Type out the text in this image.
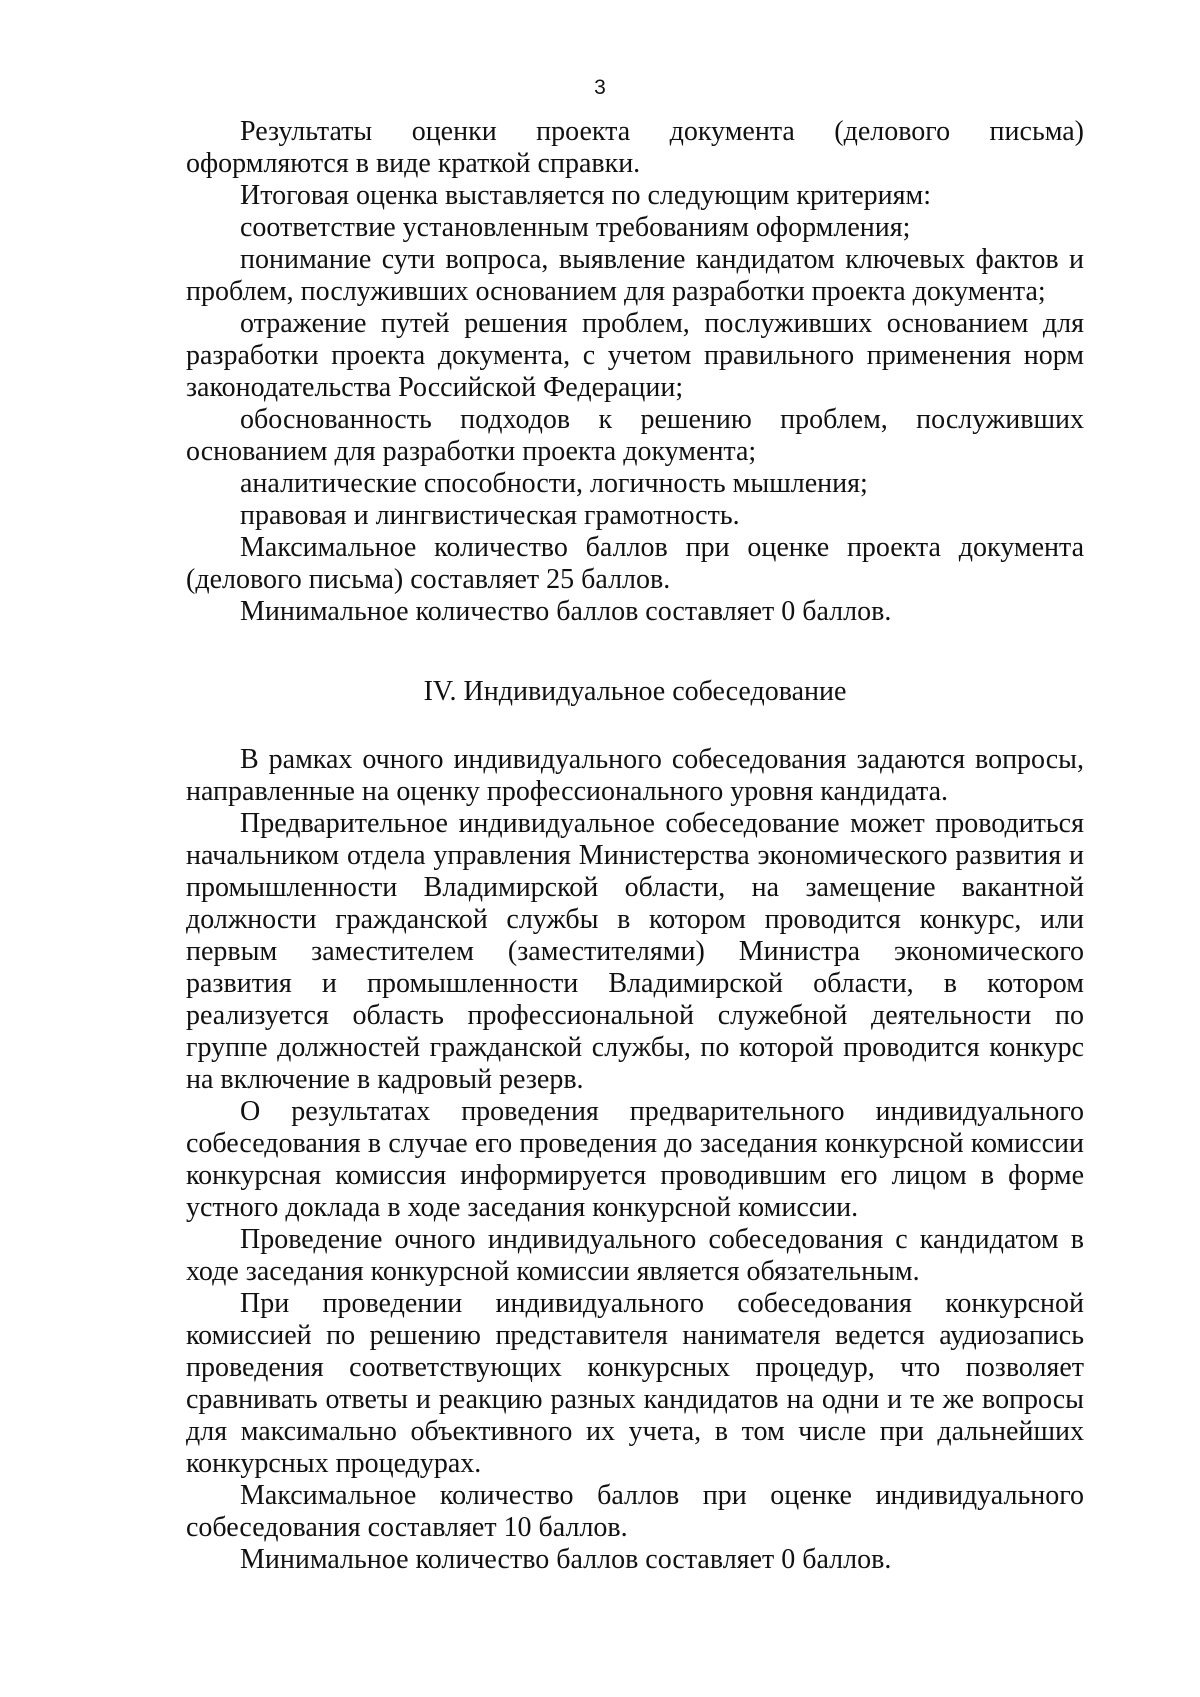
3

Результаты оценки проекта документа (делового письма) оформляются в виде краткой справки.

Итоговая оценка выставляется по следующим критериям:

соответствие установленным требованиям оформления;

понимание сути вопроса, выявление кандидатом ключевых фактов и проблем, послуживших основанием для разработки проекта документа;

отражение путей решения проблем, послуживших основанием для разработки проекта документа, с учетом правильного применения норм законодательства Российской Федерации;

обоснованность подходов к решению проблем, послуживших основанием для разработки проекта документа;

аналитические способности, логичность мышления;

правовая и лингвистическая грамотность.

Максимальное количество баллов при оценке проекта документа (делового письма) составляет 25 баллов.

Минимальное количество баллов составляет 0 баллов.

IV. Индивидуальное собеседование

В рамках очного индивидуального собеседования задаются вопросы, направленные на оценку профессионального уровня кандидата.

Предварительное индивидуальное собеседование может проводиться начальником отдела управления Министерства экономического развития и промышленности Владимирской области, на замещение вакантной должности гражданской службы в котором проводится конкурс, или первым заместителем (заместителями) Министра экономического развития и промышленности Владимирской области, в котором реализуется область профессиональной служебной деятельности по группе должностей гражданской службы, по которой проводится конкурс на включение в кадровый резерв.

О результатах проведения предварительного индивидуального собеседования в случае его проведения до заседания конкурсной комиссии конкурсная комиссия информируется проводившим его лицом в форме устного доклада в ходе заседания конкурсной комиссии.

Проведение очного индивидуального собеседования с кандидатом в ходе заседания конкурсной комиссии является обязательным.

При проведении индивидуального собеседования конкурсной комиссией по решению представителя нанимателя ведется аудиозапись проведения соответствующих конкурсных процедур, что позволяет сравнивать ответы и реакцию разных кандидатов на одни и те же вопросы для максимально объективного их учета, в том числе при дальнейших конкурсных процедурах.

Максимальное количество баллов при оценке индивидуального собеседования составляет 10 баллов.

Минимальное количество баллов составляет 0 баллов.
